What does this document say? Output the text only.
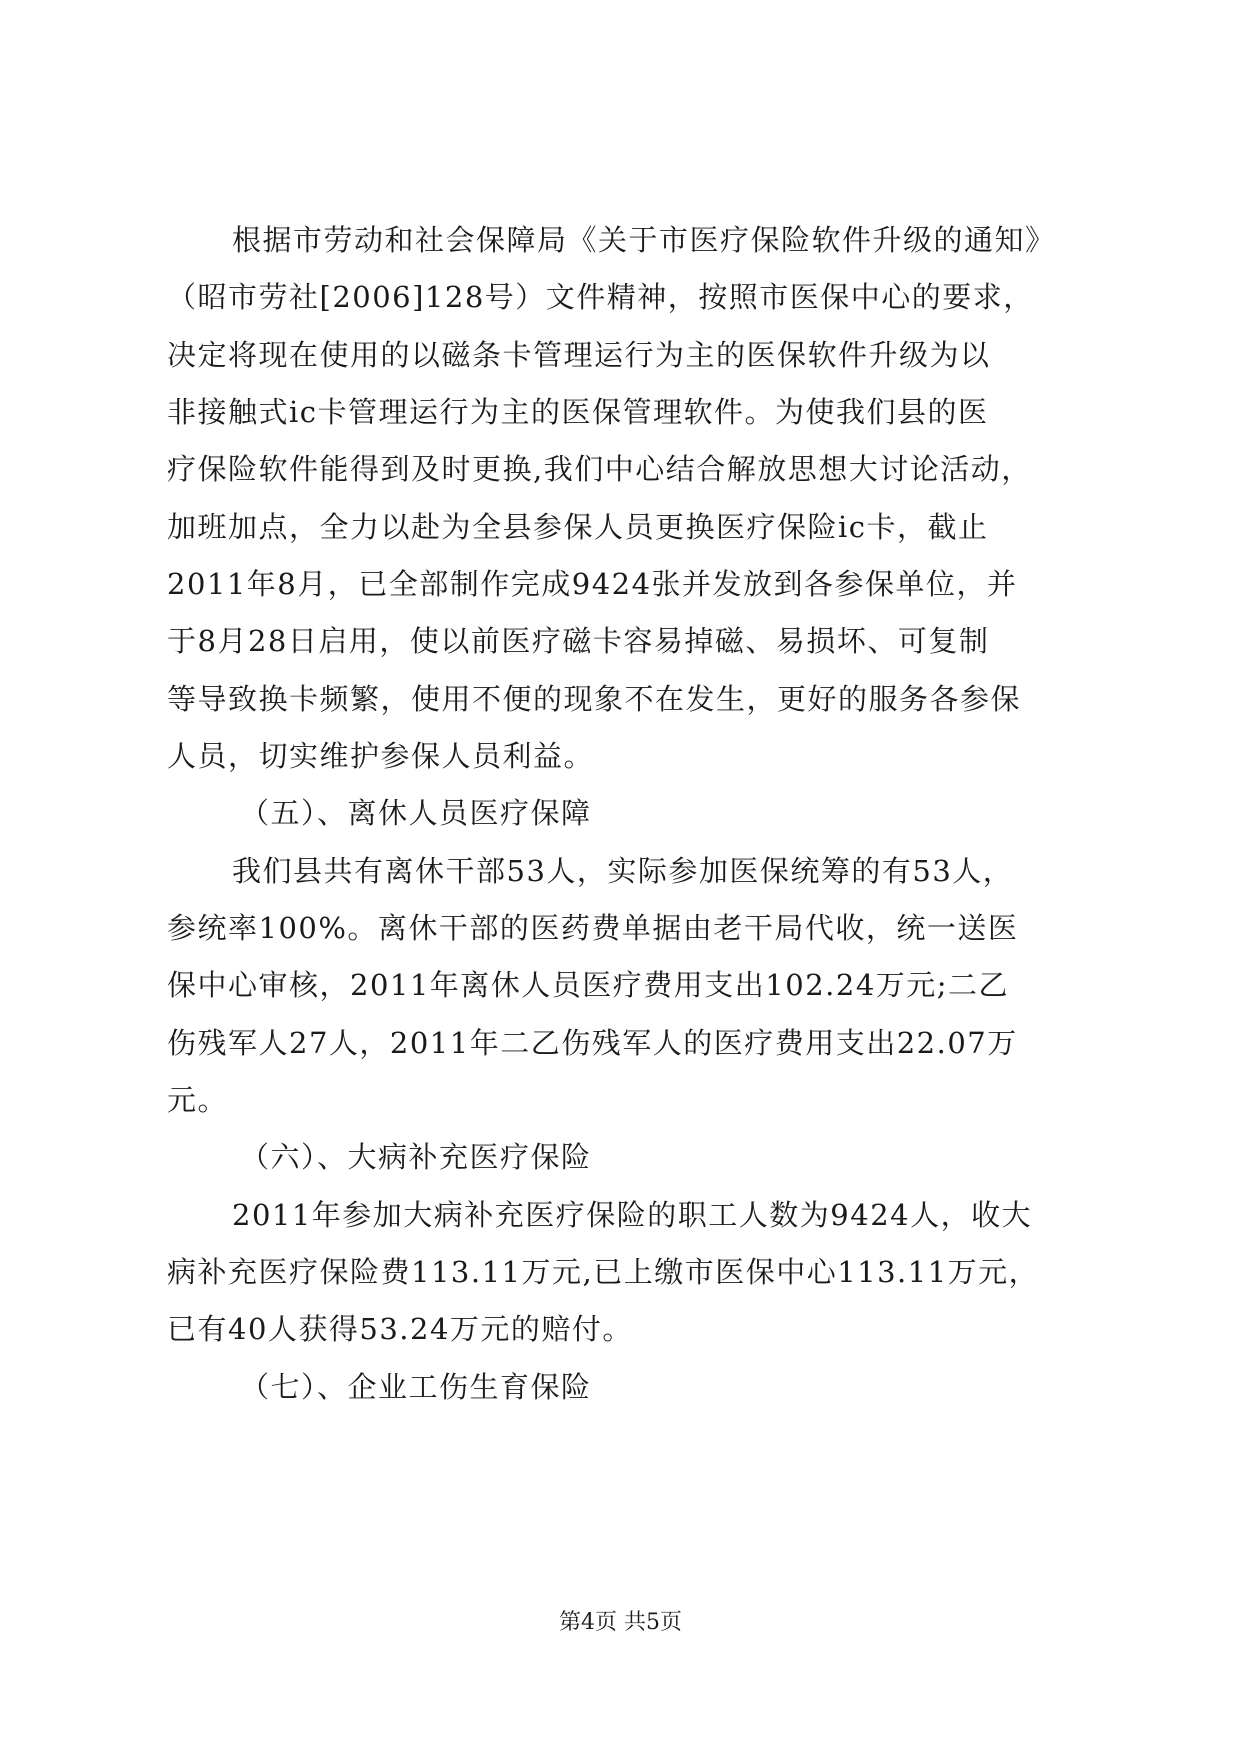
根据市劳动和社会保障局《关于市医疗保险软件升级的通知》
（昭市劳社[2006]128号）文件精神，按照市医保中心的要求，
决定将现在使用的以磁条卡管理运行为主的医保软件升级为以
非接触式ic卡管理运行为主的医保管理软件。为使我们县的医
疗保险软件能得到及时更换,我们中心结合解放思想大讨论活动，
加班加点，全力以赴为全县参保人员更换医疗保险ic卡，截止
2011年8月，已全部制作完成9424张并发放到各参保单位，并
于8月28日启用，使以前医疗磁卡容易掉磁、易损坏、可复制
等导致换卡频繁，使用不便的现象不在发生，更好的服务各参保
人员，切实维护参保人员利益。
（五）、离休人员医疗保障
我们县共有离休干部53人，实际参加医保统筹的有53人，
参统率100%。离休干部的医药费单据由老干局代收，统一送医
保中心审核，2011年离休人员医疗费用支出102.24万元;二乙
伤残军人27人，2011年二乙伤残军人的医疗费用支出22.07万
元。
（六）、大病补充医疗保险
2011年参加大病补充医疗保险的职工人数为9424人，收大
病补充医疗保险费113.11万元,已上缴市医保中心113.11万元，
已有40人获得53.24万元的赔付。
（七）、企业工伤生育保险
第4页 共5页
